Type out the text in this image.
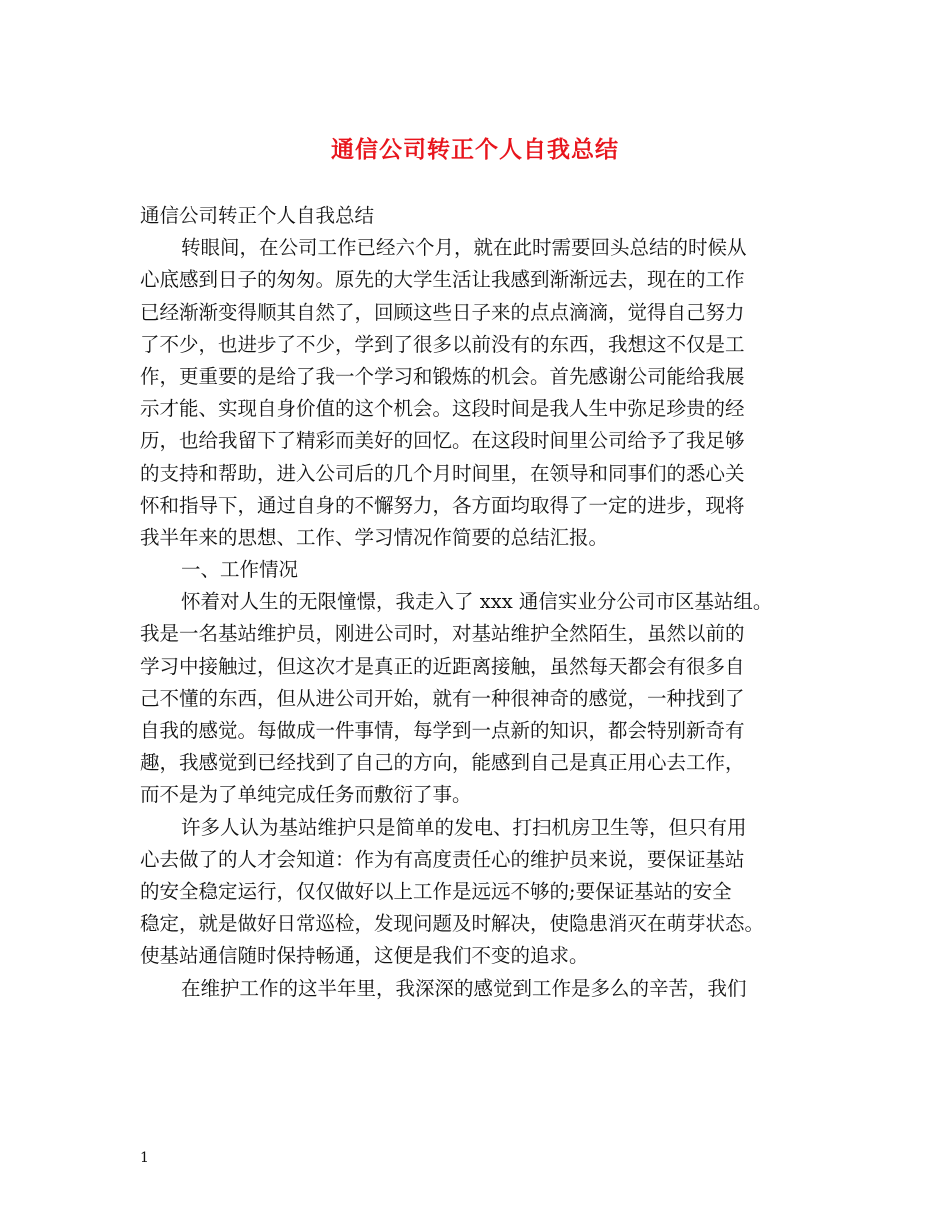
通信公司转正个人自我总结
通信公司转正个人自我总结
转眼间，在公司工作已经六个月，就在此时需要回头总结的时候从
心底感到日子的匆匆。原先的大学生活让我感到渐渐远去，现在的工作
已经渐渐变得顺其自然了，回顾这些日子来的点点滴滴，觉得自己努力
了不少，也进步了不少，学到了很多以前没有的东西，我想这不仅是工
作，更重要的是给了我一个学习和锻炼的机会。首先感谢公司能给我展
示才能、实现自身价值的这个机会。这段时间是我人生中弥足珍贵的经
历，也给我留下了精彩而美好的回忆。在这段时间里公司给予了我足够
的支持和帮助，进入公司后的几个月时间里，在领导和同事们的悉心关
怀和指导下，通过自身的不懈努力，各方面均取得了一定的进步，现将
我半年来的思想、工作、学习情况作简要的总结汇报。
一、工作情况
怀着对人生的无限憧憬，我走入了 xxx 通信实业分公司市区基站组。
我是一名基站维护员，刚进公司时，对基站维护全然陌生，虽然以前的
学习中接触过，但这次才是真正的近距离接触，虽然每天都会有很多自
己不懂的东西，但从进公司开始，就有一种很神奇的感觉，一种找到了
自我的感觉。每做成一件事情，每学到一点新的知识，都会特别新奇有
趣，我感觉到已经找到了自己的方向，能感到自己是真正用心去工作，
而不是为了单纯完成任务而敷衍了事。
许多人认为基站维护只是简单的发电、打扫机房卫生等，但只有用
心去做了的人才会知道：作为有高度责任心的维护员来说，要保证基站
的安全稳定运行，仅仅做好以上工作是远远不够的;要保证基站的安全
稳定，就是做好日常巡检，发现问题及时解决，使隐患消灭在萌芽状态。
使基站通信随时保持畅通，这便是我们不变的追求。
在维护工作的这半年里，我深深的感觉到工作是多么的辛苦，我们
1
